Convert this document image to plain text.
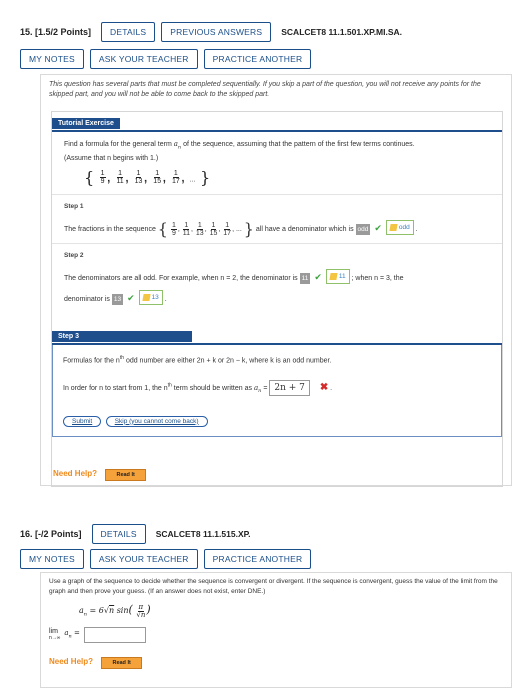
15. [1.5/2 Points]	DETAILS	PREVIOUS ANSWERS	SCALCET8 11.1.501.XP.MI.SA.
MY NOTES	ASK YOUR TEACHER	PRACTICE ANOTHER
This question has several parts that must be completed sequentially. If you skip a part of the question, you will not receive any points for the skipped part, and you will not be able to come back to the skipped part.
Tutorial Exercise
Find a formula for the general term $a_n$ of the sequence, assuming that the pattern of the first few terms continues.
(Assume that n begins with 1.)
{ $\frac{1}{9}$ , $\frac{1}{11}$ , $\frac{1}{13}$ , $\frac{1}{15}$ , $\frac{1}{17}$ , ... }
Step 1
The fractions in the sequence { $\frac{1}{9}$ , $\frac{1}{11}$ , $\frac{1}{13}$ , $\frac{1}{15}$ , $\frac{1}{17}$ , ... } all have a denominator which is odd ✔	odd .
Step 2
The denominators are all odd. For example, when n = 2, the denominator is 11 ✔	11 ; when n = 3, the
denominator is 13 ✔	13 .
Step 3
Formulas for the $n^{th}$ odd number are either 2n + k or 2n − k, where k is an odd number.
In order for n to start from 1, the $n^{th}$ term should be written as $a_n = 2n + 7$ ✖ .
Submit	Skip (you cannot come back)
Need Help?	Read It
16. [-/2 Points]	DETAILS	SCALCET8 11.1.515.XP.
MY NOTES	ASK YOUR TEACHER	PRACTICE ANOTHER
Use a graph of the sequence to decide whether the sequence is convergent or divergent. If the sequence is convergent, guess the value of the limit from the graph and then prove your guess. (If an answer does not exist, enter DNE.)
$a_n = 6√n$ $\sin( \frac{\pi}{√n}$ )
lim
n→∞
$a_n$ =
Need Help?	Read It
